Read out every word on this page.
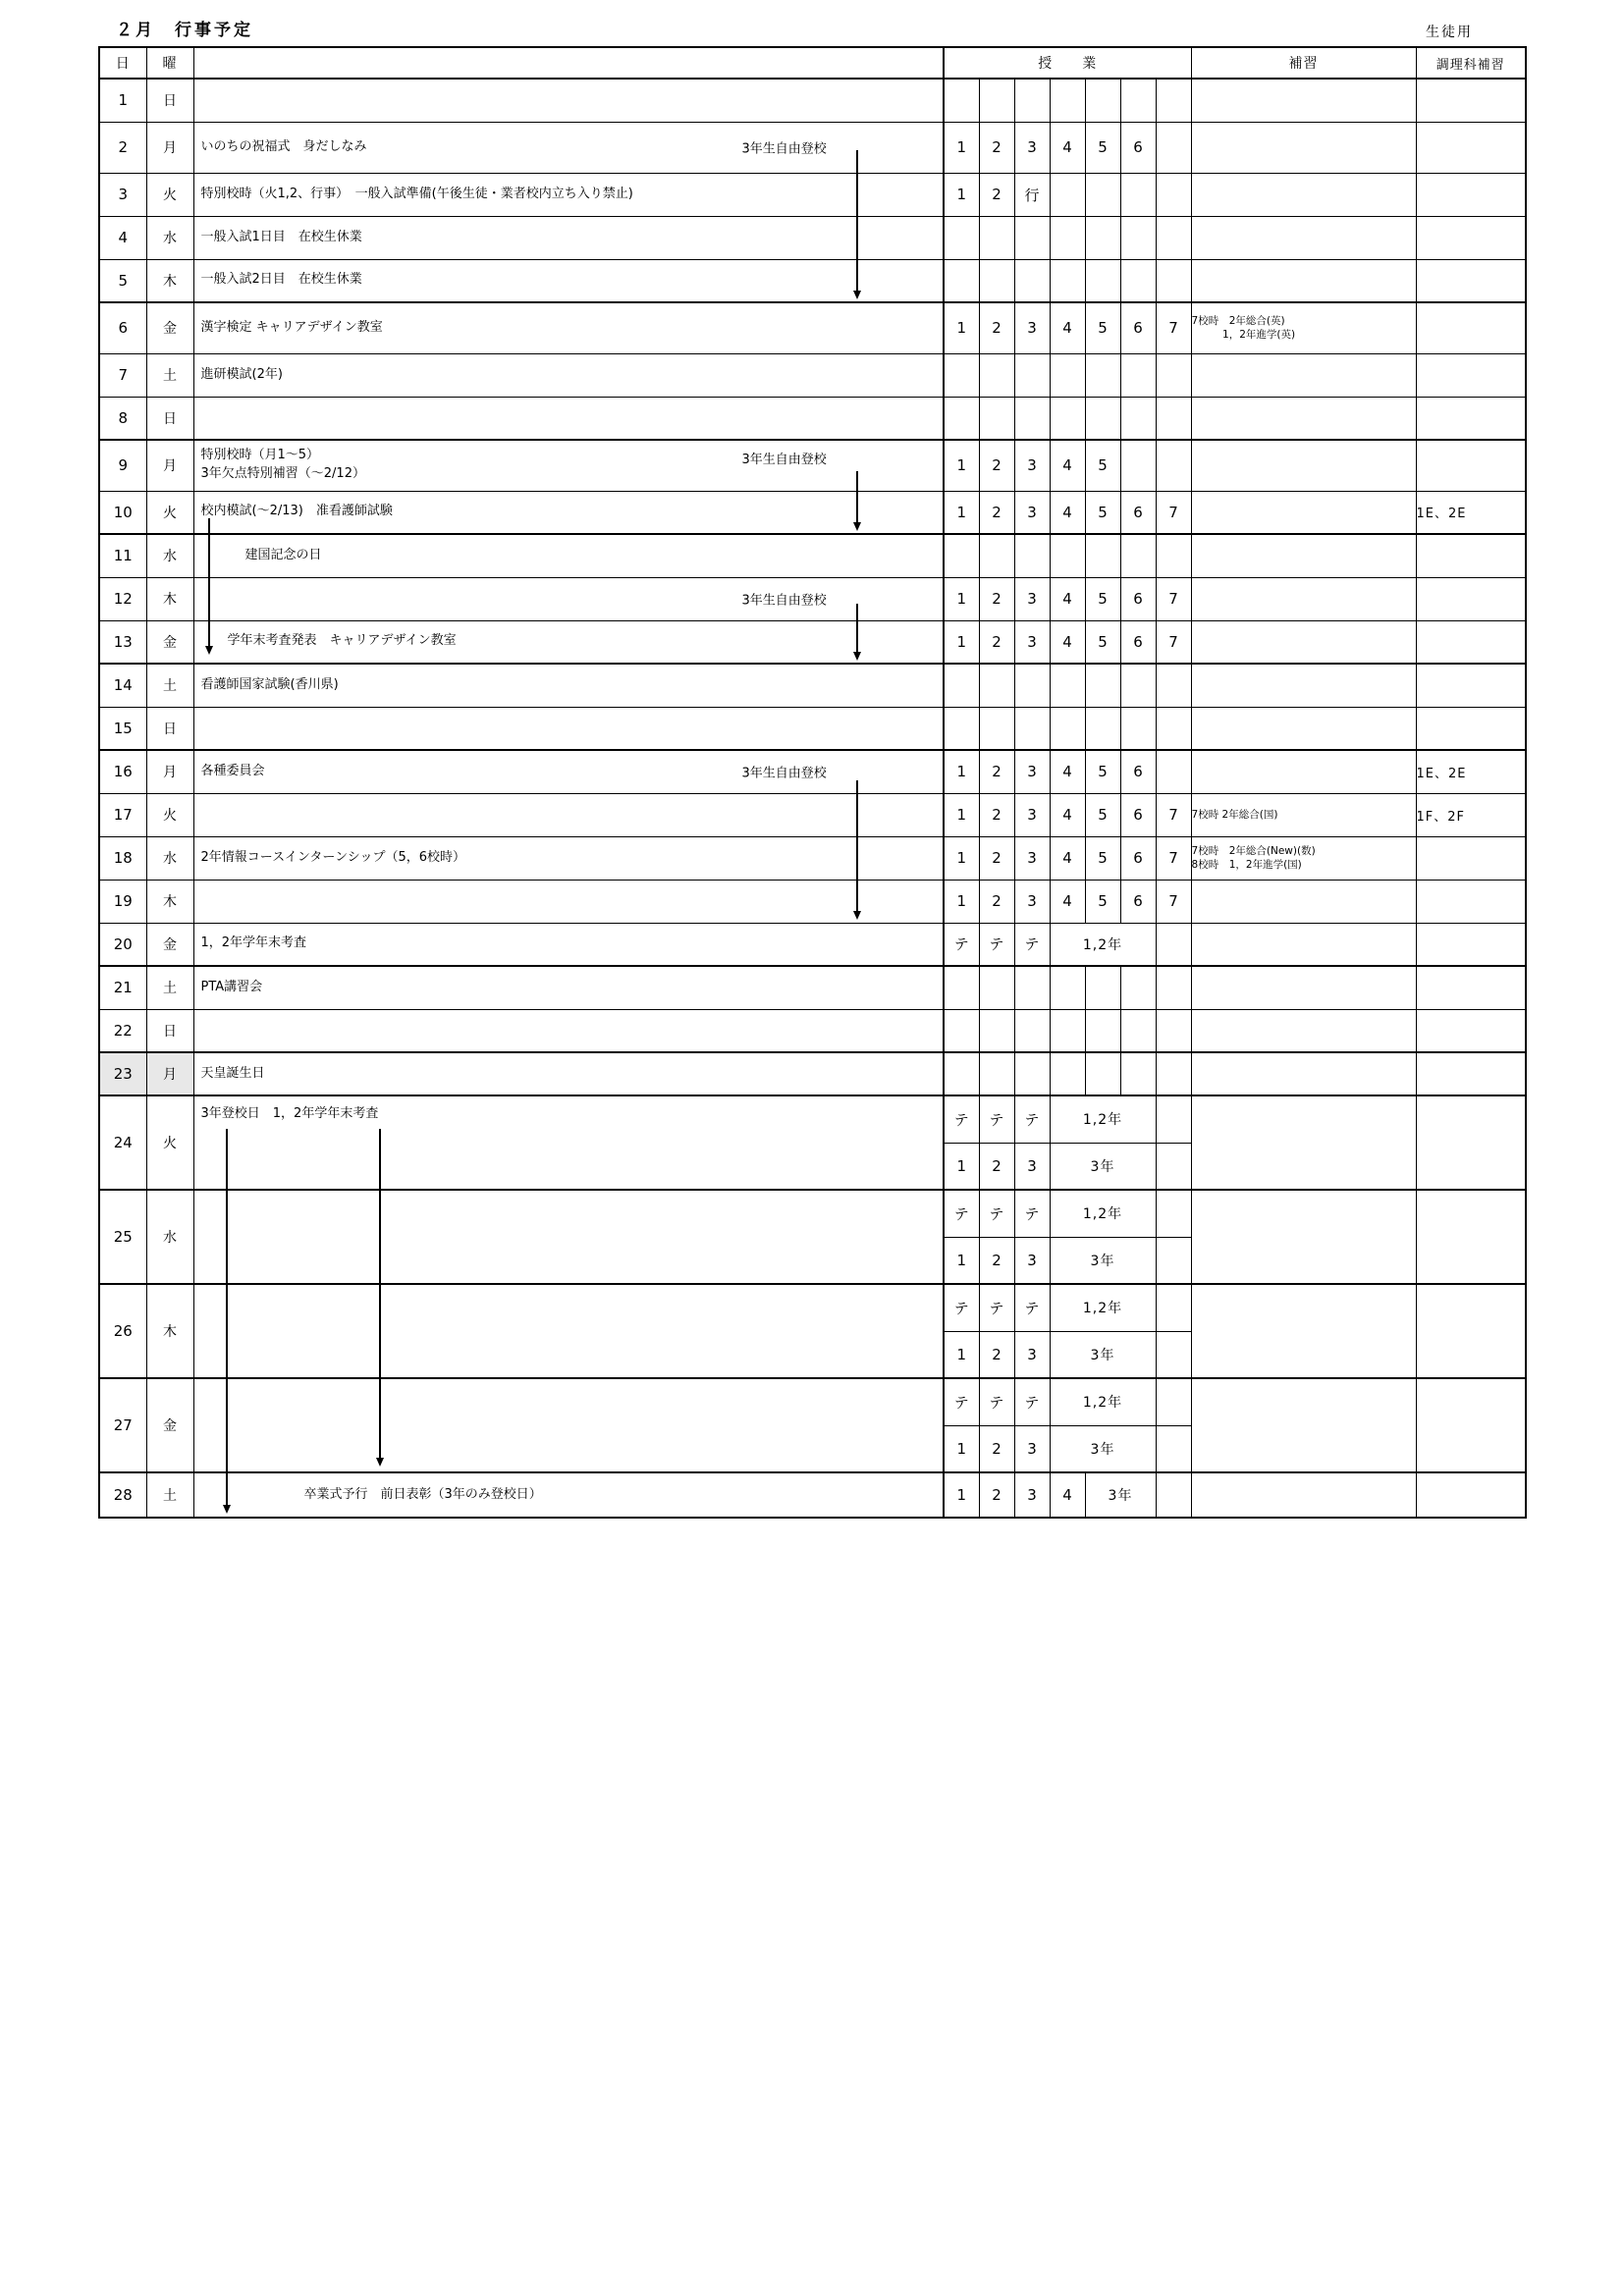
２月　行事予定	生徒用
日	曜		授　　業							補習	調理科補習
1	日	

2	月	いのちの祝福式　身だしなみ 3年生自由登校	1	2	3	4	5	6			
3	火	特別校時（火1,2、行事）　一般入試準備(午後生徒・業者校内立ち入り禁止)	1	2	行						
4	水	一般入試1日目　在校生休業									

5	木	一般入試2日目　在校生休業									

6	金	漢字検定 キャリアデザイン教室	1	2	3	4	5	6	7	7校時　2年総合(英)
　　　1，2年進学(英)	

7	土	進研模試(2年)									

8	日	

9	月	特別校時（月1～5）
3年欠点特別補習（～2/12）
3年生自由登校	1	2	3	4	5				
10	火	校内模試(～2/13)　准看護師試験	1	2	3	4	5	6	7		1E、2E
11	水	建国記念の日									

12	木	3年生自由登校	1	2	3	4	5	6	7		
13	金	学年末考査発表　キャリアデザイン教室	1	2	3	4	5	6	7		
14	土	看護師国家試験(香川県)									

15	日	

16	月	各種委員会 3年生自由登校	1	2	3	4	5	6			1E、2E
17	火		1	2	3	4	5	6	7	7校時 2年総合(国)	1F、2F
18	水	2年情報コースインターンシップ（5，6校時）	1	2	3	4	5	6	7	7校時　2年総合(New)(数)
8校時　1，2年進学(国)	

19	木		1	2	3	4	5	6	7		
20	金	1，2年学年末考査	テ	テ	テ	1,2年					
21	土	PTA講習会									

22	日	

23	月	天皇誕生日									

24	火	3年登校日　1，2年学年末考査	テ	テ	テ	1,2年					
			1	2	3	3年					
25	水		テ	テ	テ	1,2年					
			1	2	3	3年					
26	木		テ	テ	テ	1,2年					
			1	2	3	3年					
27	金		テ	テ	テ	1,2年					
			1	2	3	3年					
28	土	卒業式予行　前日表彰（3年のみ登校日）	1	2	3	4	3年				
